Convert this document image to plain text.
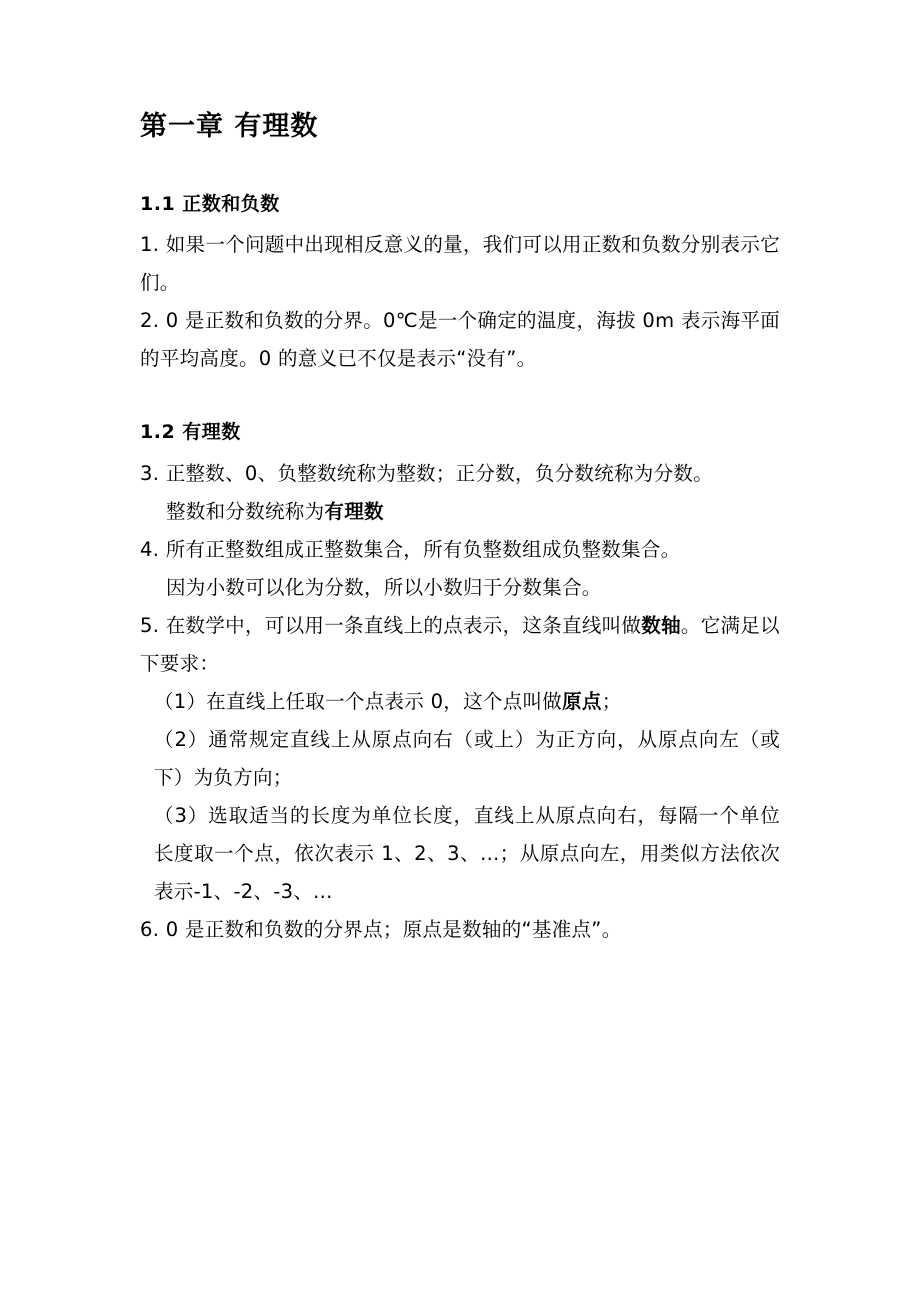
第一章 有理数
1.1 正数和负数

1. 如果一个问题中出现相反意义的量，我们可以用正数和负数分别表示它们。

2. 0 是正数和负数的分界。0℃是一个确定的温度，海拔 0m 表示海平面的平均高度。0 的意义已不仅是表示“没有”。

1.2 有理数

3. 正整数、0、负整数统称为整数；正分数，负分数统称为分数。

整数和分数统称为有理数

4. 所有正整数组成正整数集合，所有负整数组成负整数集合。

因为小数可以化为分数，所以小数归于分数集合。

5. 在数学中，可以用一条直线上的点表示，这条直线叫做数轴。它满足以下要求：

（1）在直线上任取一个点表示 0，这个点叫做原点；

（2）通常规定直线上从原点向右（或上）为正方向，从原点向左（或下）为负方向；

（3）选取适当的长度为单位长度，直线上从原点向右，每隔一个单位长度取一个点，依次表示 1、2、3、...；从原点向左，用类似方法依次表示-1、-2、-3、...

6. 0 是正数和负数的分界点；原点是数轴的“基准点”。
